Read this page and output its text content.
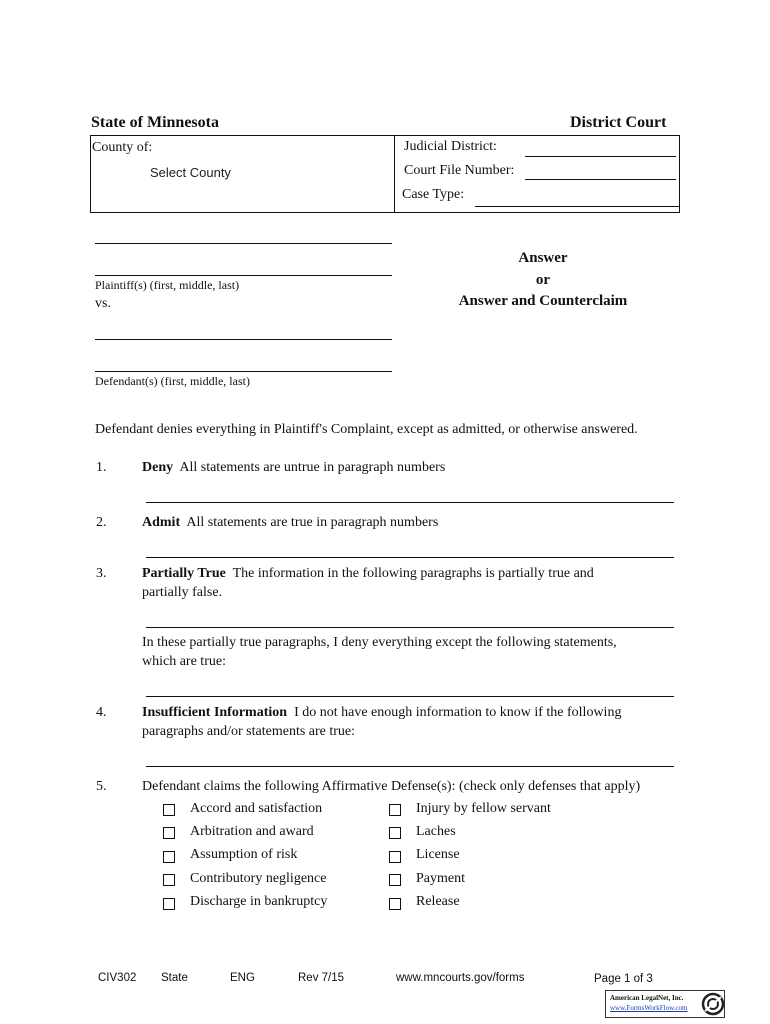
State of Minnesota	District Court
County of:
Select County	Judicial District:
Court File Number:
Case Type:
Plaintiff(s) (first, middle, last)
vs.
Defendant(s) (first, middle, last)
Answer
or
Answer and Counterclaim
Defendant denies everything in Plaintiff's Complaint, except as admitted, or otherwise answered.
1.	Deny All statements are untrue in paragraph numbers
2.	Admit All statements are true in paragraph numbers
3.	Partially True The information in the following paragraphs is partially true and
partially false.
In these partially true paragraphs, I deny everything except the following statements,
which are true:
4.	Insufficient Information I do not have enough information to know if the following
paragraphs and/or statements are true:
5.	Defendant claims the following Affirmative Defense(s): (check only defenses that apply)
Accord and satisfaction
Arbitration and award
Assumption of risk
Contributory negligence
Discharge in bankruptcy
Injury by fellow servant
Laches
License
Payment
Release
CIV302 State	ENG	Rev 7/15	www.mncourts.gov/forms	Page 1 of 3
American LegalNet, Inc.
www.FormsWorkFlow.com
